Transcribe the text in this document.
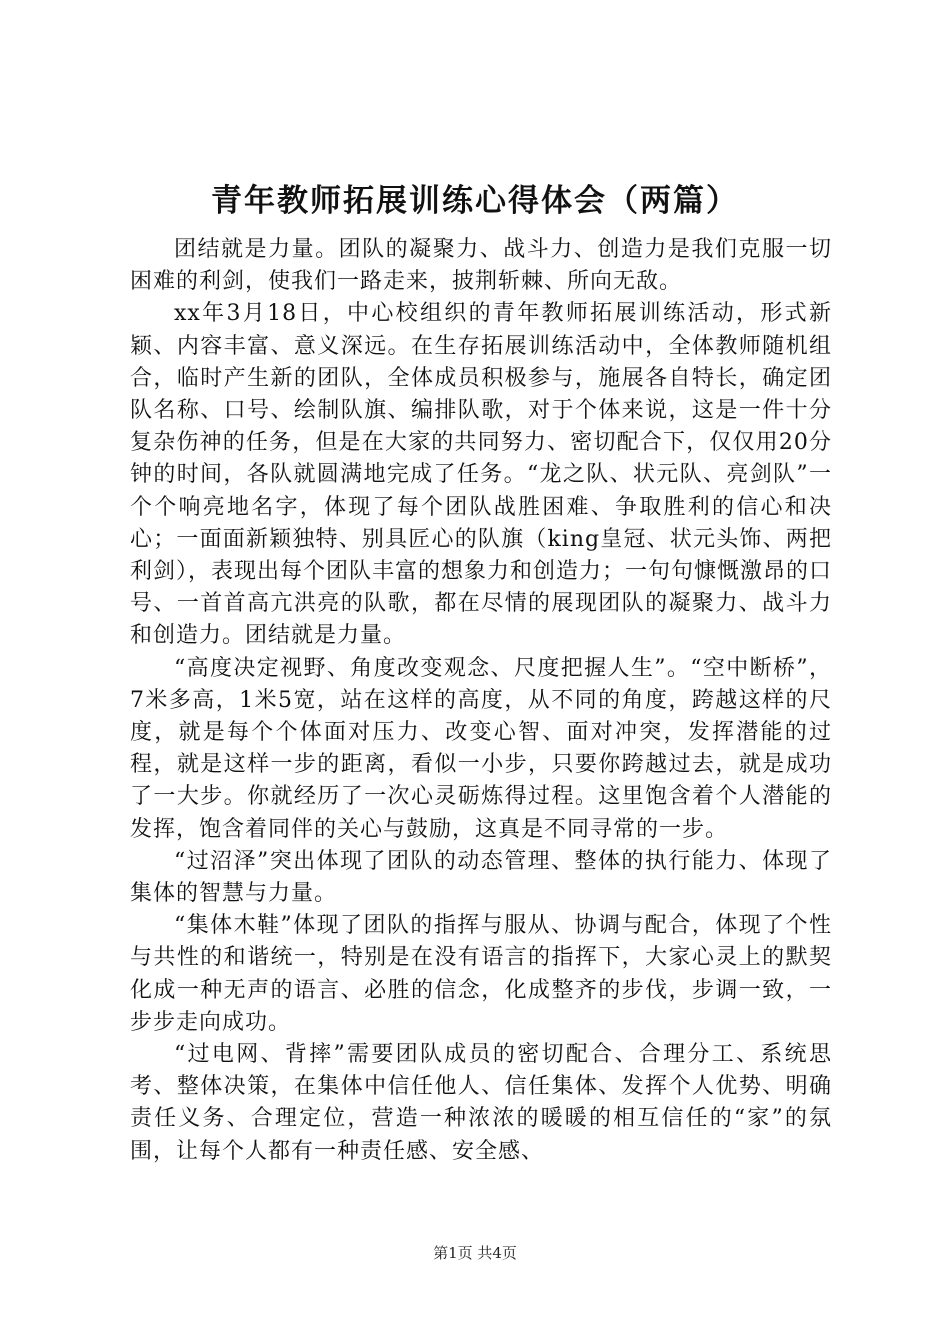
青年教师拓展训练心得体会（两篇）

团结就是力量。团队的凝聚力、战斗力、创造力是我们克服一切困难的利剑，使我们一路走来，披荆斩棘、所向无敌。

xx年3月18日，中心校组织的青年教师拓展训练活动，形式新颖、内容丰富、意义深远。在生存拓展训练活动中，全体教师随机组合，临时产生新的团队，全体成员积极参与，施展各自特长，确定团队名称、口号、绘制队旗、编排队歌，对于个体来说，这是一件十分复杂伤神的任务，但是在大家的共同努力、密切配合下，仅仅用20分钟的时间，各队就圆满地完成了任务。“龙之队、状元队、亮剑队”一个个响亮地名字，体现了每个团队战胜困难、争取胜利的信心和决心；一面面新颖独特、别具匠心的队旗（king皇冠、状元头饰、两把利剑），表现出每个团队丰富的想象力和创造力；一句句慷慨激昂的口号、一首首高亢洪亮的队歌，都在尽情的展现团队的凝聚力、战斗力和创造力。团结就是力量。

“高度决定视野、角度改变观念、尺度把握人生”。“空中断桥”，7米多高，1米5宽，站在这样的高度，从不同的角度，跨越这样的尺度，就是每个个体面对压力、改变心智、面对冲突，发挥潜能的过程，就是这样一步的距离，看似一小步，只要你跨越过去，就是成功了一大步。你就经历了一次心灵砺炼得过程。这里饱含着个人潜能的发挥，饱含着同伴的关心与鼓励，这真是不同寻常的一步。

“过沼泽”突出体现了团队的动态管理、整体的执行能力、体现了集体的智慧与力量。

“集体木鞋”体现了团队的指挥与服从、协调与配合，体现了个性与共性的和谐统一，特别是在没有语言的指挥下，大家心灵上的默契化成一种无声的语言、必胜的信念，化成整齐的步伐，步调一致，一步步走向成功。

“过电网、背摔”需要团队成员的密切配合、合理分工、系统思考、整体决策，在集体中信任他人、信任集体、发挥个人优势、明确责任义务、合理定位，营造一种浓浓的暖暖的相互信任的“家”的氛围，让每个人都有一种责任感、安全感、

第1页 共4页
